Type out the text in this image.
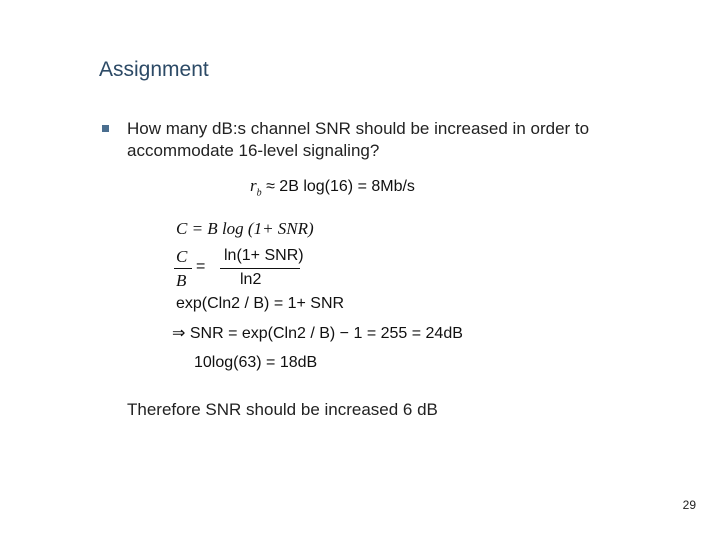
Assignment
How many dB:s channel SNR should be increased in order to accommodate 16-level signaling?
$r_b \approx 2B$ log(16) = 8Mb/s
C = B log (1+ SNR)
C
B
=
ln(1+ SNR)
ln2
exp(Cln2 / B) = 1+ SNR
⇒ SNR = exp(Cln2 / B) − 1 = 255 = 24dB
10log(63) = 18dB
Therefore SNR should be increased 6 dB
29
